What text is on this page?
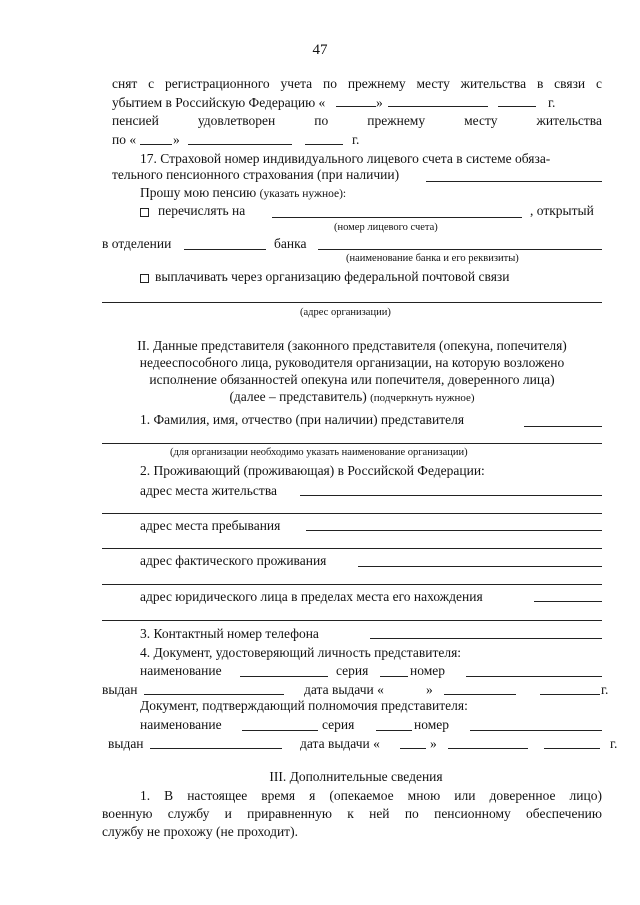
47
снят с регистрационного учета по прежнему месту жительства в связи с
убытием в Российскую Федерацию «	»	г.
пенсией	удовлетворен	по	прежнему	месту	жительства
по «	»	г.
17. Страховой номер индивидуального лицевого счета в системе обяза-
тельного пенсионного страхования (при наличии)
Прошу мою пенсию (указать нужное):
перечислять на	, открытый
(номер лицевого счета)
в отделении	банка
(наименование банка и его реквизиты)
выплачивать через организацию федеральной почтовой связи
(адрес организации)
II. Данные представителя (законного представителя (опекуна, попечителя)
недееспособного лица, руководителя организации, на которую возложено
исполнение обязанностей опекуна или попечителя, доверенного лица)
(далее – представитель) (подчеркнуть нужное)
1. Фамилия, имя, отчество (при наличии) представителя
(для организации необходимо указать наименование организации)
2. Проживающий (проживающая) в Российской Федерации:
адрес места жительства
адрес места пребывания
адрес фактического проживания
адрес юридического лица в пределах места его нахождения
3. Контактный номер телефона
4. Документ, удостоверяющий личность представителя:
наименование	серия	номер
выдан	дата выдачи «	»	г.
Документ, подтверждающий полномочия представителя:
наименование	серия	номер
выдан	дата выдачи «	»	г.
III. Дополнительные сведения
1. В настоящее время я (опекаемое мною или доверенное лицо)
военную службу и приравненную к ней по пенсионному обеспечению
службу не прохожу (не проходит).
